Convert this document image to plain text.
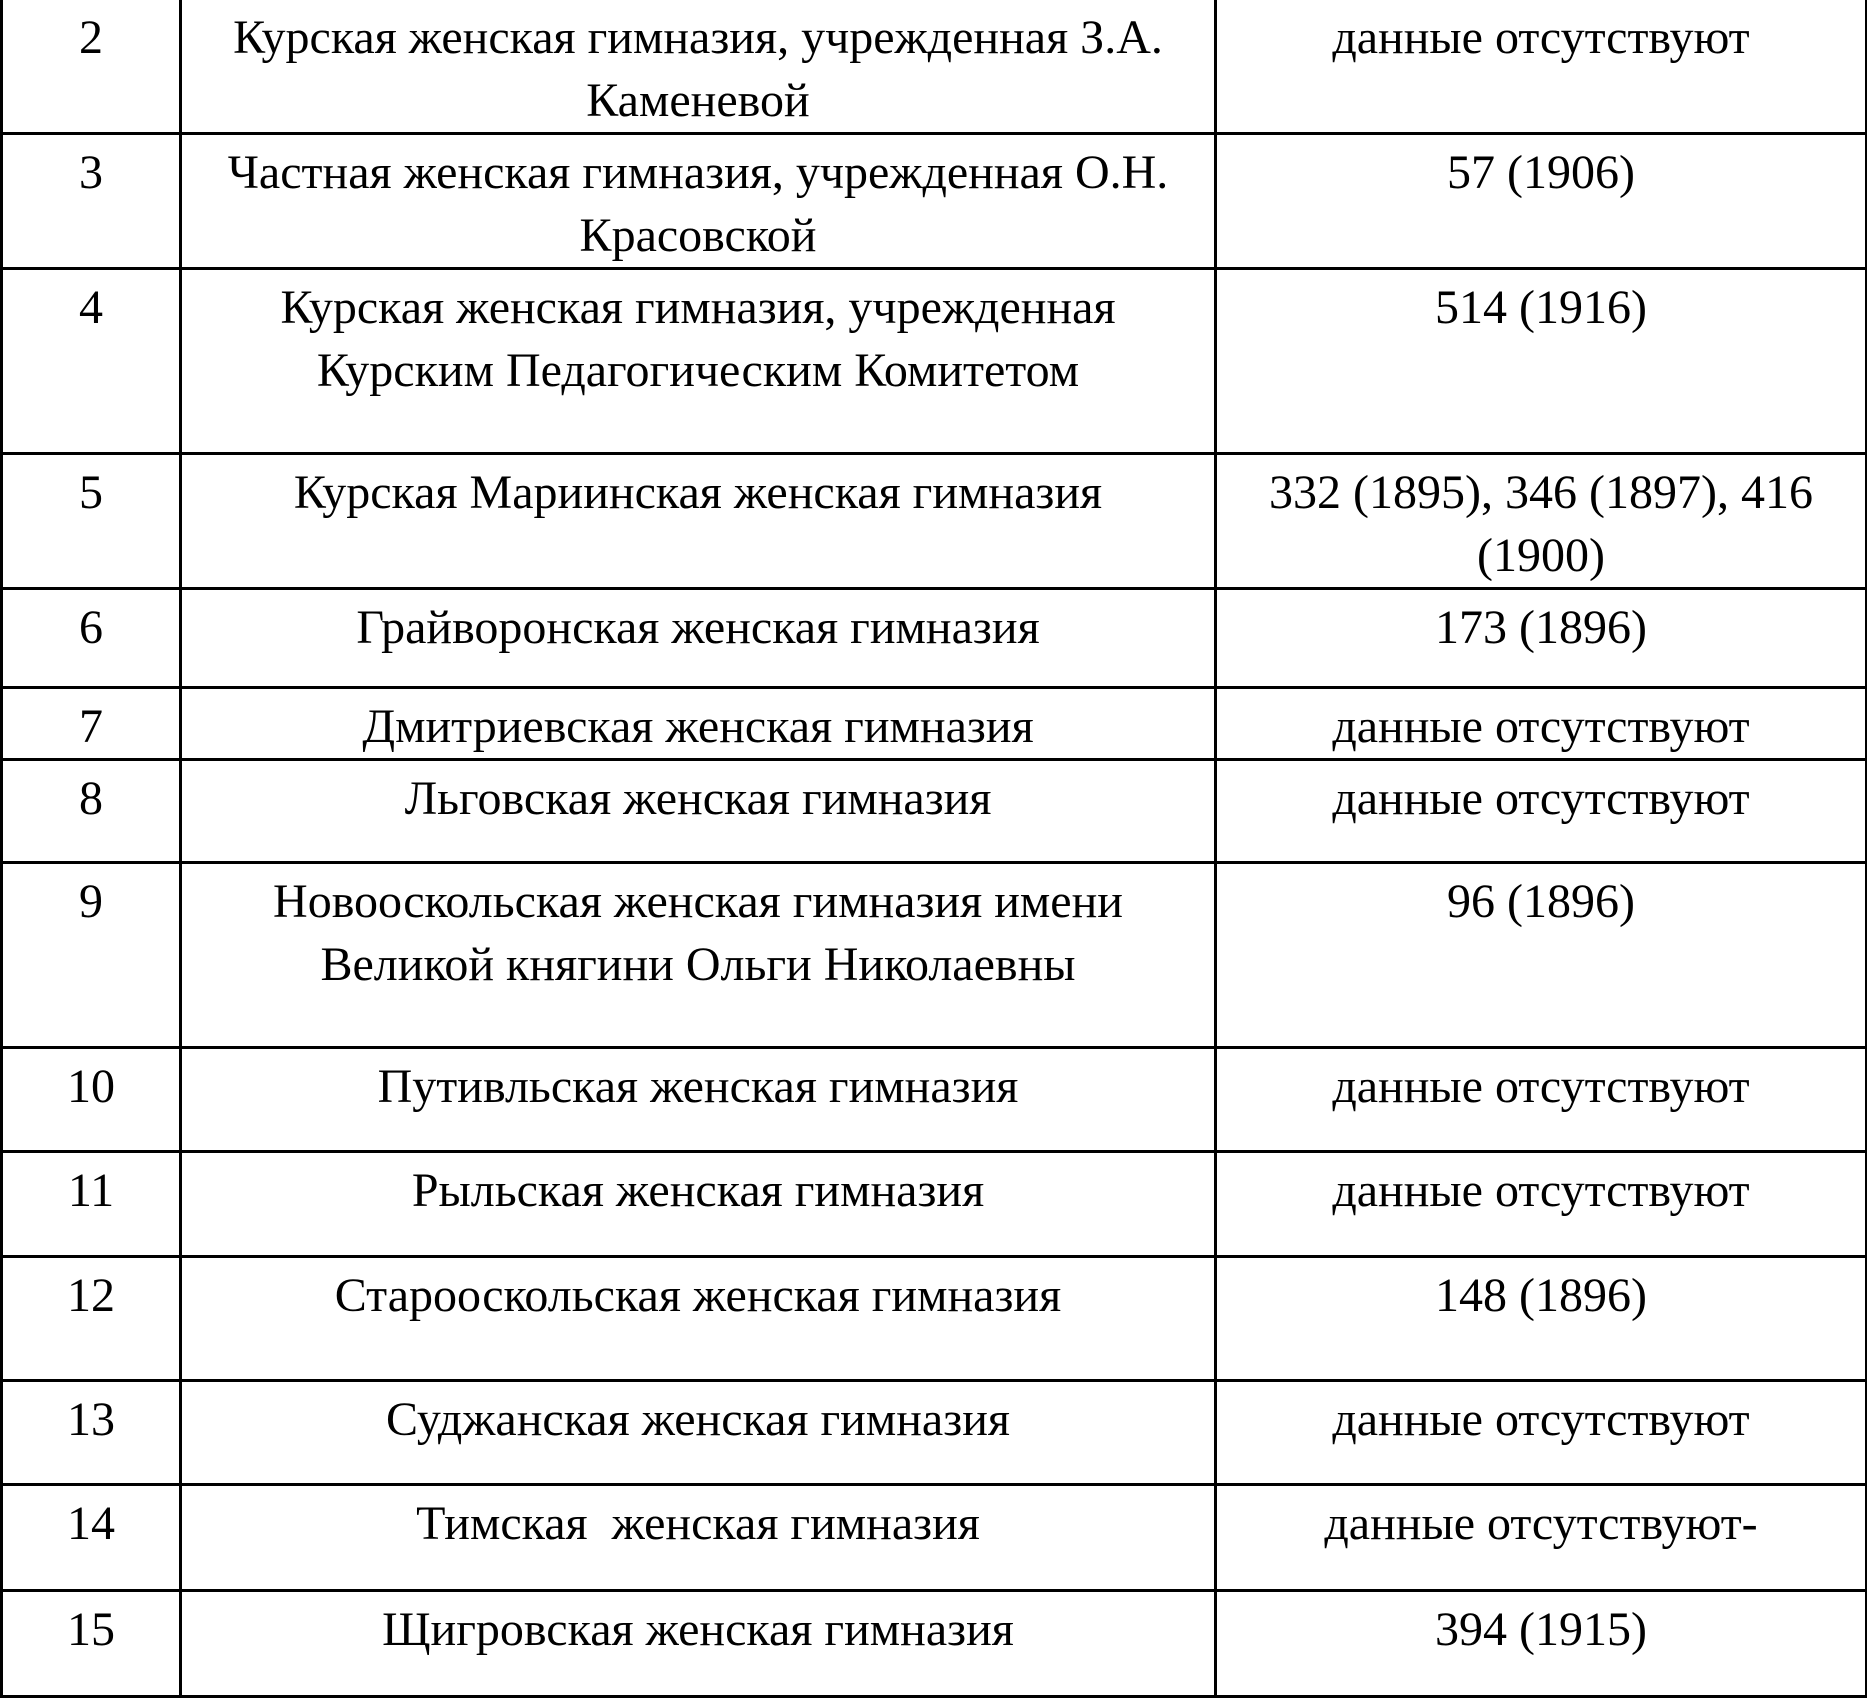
2	Курская женская гимназия, учрежденная З.А. Каменевой	данные отсутствуют
3	Частная женская гимназия, учрежденная О.Н. Красовской	57 (1906)
4	Курская женская гимназия, учрежденная Курским Педагогическим Комитетом	514 (1916)
5	Курская Мариинская женская гимназия	332 (1895), 346 (1897), 416 (1900)
6	Грайворонская женская гимназия	173 (1896)
7	Дмитриевская женская гимназия	данные отсутствуют
8	Льговская женская гимназия	данные отсутствуют
9	Новооскольская женская гимназия имени Великой княгини Ольги Николаевны	96 (1896)
10	Путивльская женская гимназия	данные отсутствуют
11	Рыльская женская гимназия	данные отсутствуют
12	Старооскольская женская гимназия	148 (1896)
13	Суджанская женская гимназия	данные отсутствуют
14	Тимская  женская гимназия	данные отсутствуют-
15	Щигровская женская гимназия	394 (1915)
